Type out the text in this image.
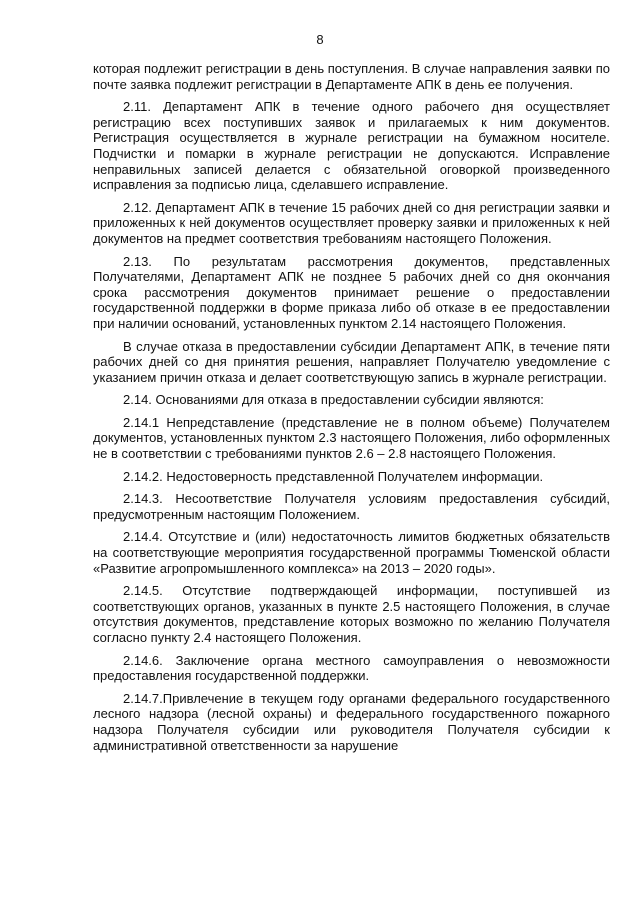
8

которая подлежит регистрации в день поступления. В случае направления заявки по почте заявка подлежит регистрации в Департаменте АПК в день ее получения.

2.11. Департамент АПК в течение одного рабочего дня осуществляет регистрацию всех поступивших заявок и прилагаемых к ним документов. Регистрация осуществляется в журнале регистрации на бумажном носителе. Подчистки и помарки в журнале регистрации не допускаются. Исправление неправильных записей делается с обязательной оговоркой произведенного исправления за подписью лица, сделавшего исправление.

2.12. Департамент АПК в течение 15 рабочих дней со дня регистрации заявки и приложенных к ней документов осуществляет проверку заявки и приложенных к ней документов на предмет соответствия требованиям настоящего Положения.

2.13. По результатам рассмотрения документов, представленных Получателями, Департамент АПК не позднее 5 рабочих дней со дня окончания срока рассмотрения документов принимает решение о предоставлении государственной поддержки в форме приказа либо об отказе в ее предоставлении при наличии оснований, установленных пунктом 2.14 настоящего Положения.

В случае отказа в предоставлении субсидии Департамент АПК, в течение пяти рабочих дней со дня принятия решения, направляет Получателю уведомление с указанием причин отказа и делает соответствующую запись в журнале регистрации.

2.14. Основаниями для отказа в предоставлении субсидии являются:

2.14.1 Непредставление (представление не в полном объеме) Получателем документов, установленных пунктом 2.3 настоящего Положения, либо оформленных не в соответствии с требованиями пунктов 2.6 – 2.8 настоящего Положения.

2.14.2. Недостоверность представленной Получателем информации.

2.14.3. Несоответствие Получателя условиям предоставления субсидий, предусмотренным настоящим Положением.

2.14.4. Отсутствие и (или) недостаточность лимитов бюджетных обязательств на соответствующие мероприятия государственной программы Тюменской области «Развитие агропромышленного комплекса» на 2013 – 2020 годы».

2.14.5. Отсутствие подтверждающей информации, поступившей из соответствующих органов, указанных в пункте 2.5 настоящего Положения, в случае отсутствия документов, представление которых возможно по желанию Получателя согласно пункту 2.4 настоящего Положения.

2.14.6. Заключение органа местного самоуправления о невозможности предоставления государственной поддержки.

2.14.7.Привлечение в текущем году органами федерального государственного лесного надзора (лесной охраны) и федерального государственного пожарного надзора Получателя субсидии или руководителя Получателя субсидии к административной ответственности за нарушение
